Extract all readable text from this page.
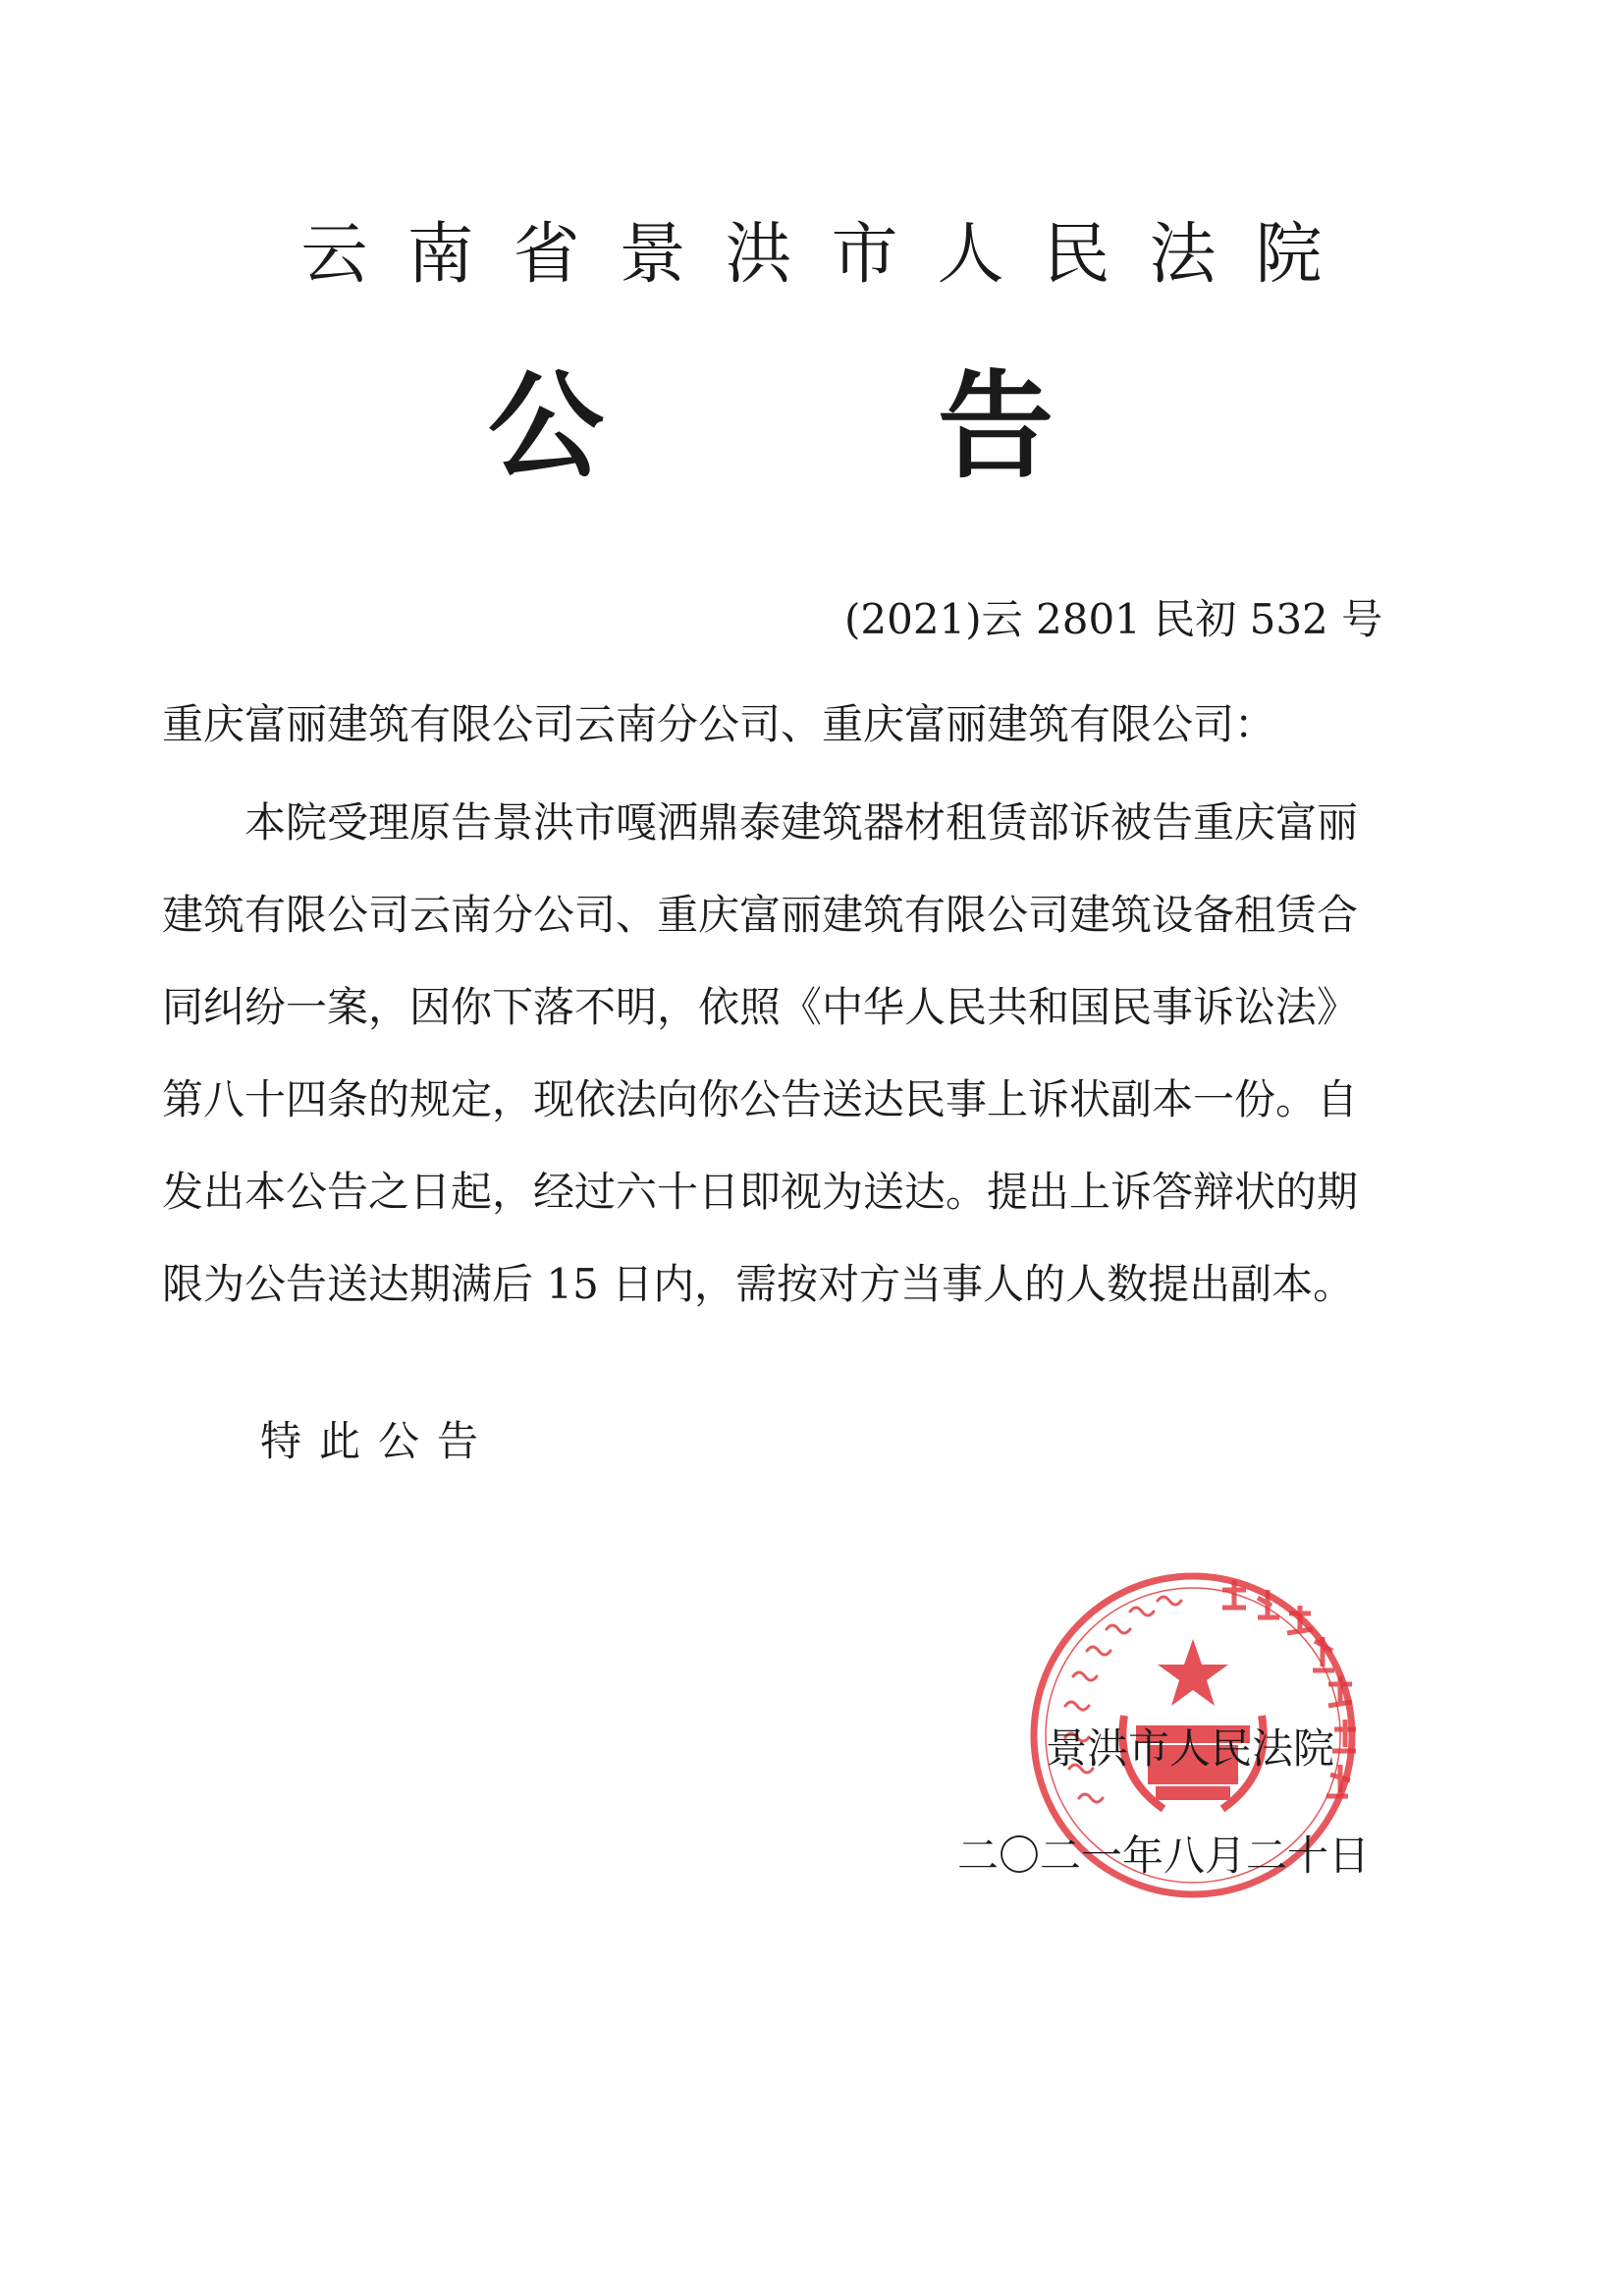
云南省景洪市人民法院
公	告
(2021)云 2801 民初 532 号
重庆富丽建筑有限公司云南分公司、重庆富丽建筑有限公司：
本院受理原告景洪市嘎洒鼎泰建筑器材租赁部诉被告重庆富丽
建筑有限公司云南分公司、重庆富丽建筑有限公司建筑设备租赁合
同纠纷一案，因你下落不明，依照《中华人民共和国民事诉讼法》
第八十四条的规定，现依法向你公告送达民事上诉状副本一份。自
发出本公告之日起，经过六十日即视为送达。提出上诉答辩状的期
限为公告送达期满后 15 日内，需按对方当事人的人数提出副本。
特此公告
景洪市人民法院
二〇二一年八月二十日
